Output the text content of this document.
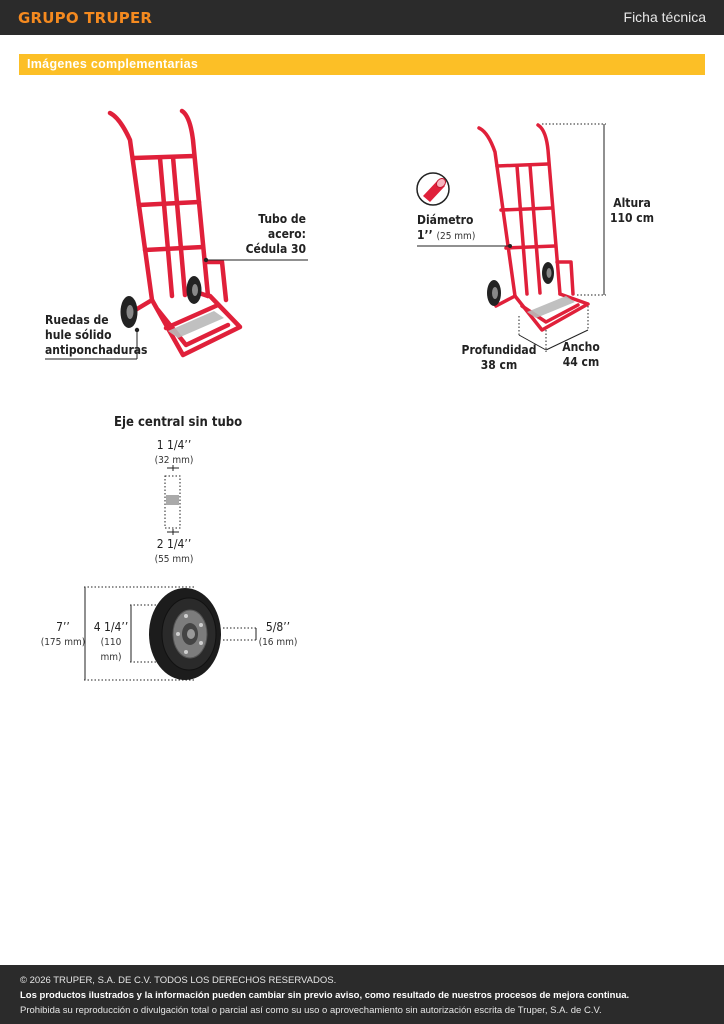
GRUPO TRUPER	Ficha técnica
Imágenes complementarias
Tubo de
acero:
Cédula 30
Ruedas de
hule sólido
antiponchaduras
Diámetro
1’’ (25 mm)
Altura
110 cm
Profundidad
38 cm
Ancho
44 cm
Eje central sin tubo
1 1/4’’
(32 mm)
2 1/4’’
(55 mm)
7’’
(175 mm)
4 1/4’’
(110 mm)
5/8’’
(16 mm)
© 2026 TRUPER, S.A. DE C.V. TODOS LOS DERECHOS RESERVADOS.
Los productos ilustrados y la información pueden cambiar sin previo aviso, como resultado de nuestros procesos de mejora continua.
Prohibida su reproducción o divulgación total o parcial así como su uso o aprovechamiento sin autorización escrita de Truper, S.A. de C.V.
